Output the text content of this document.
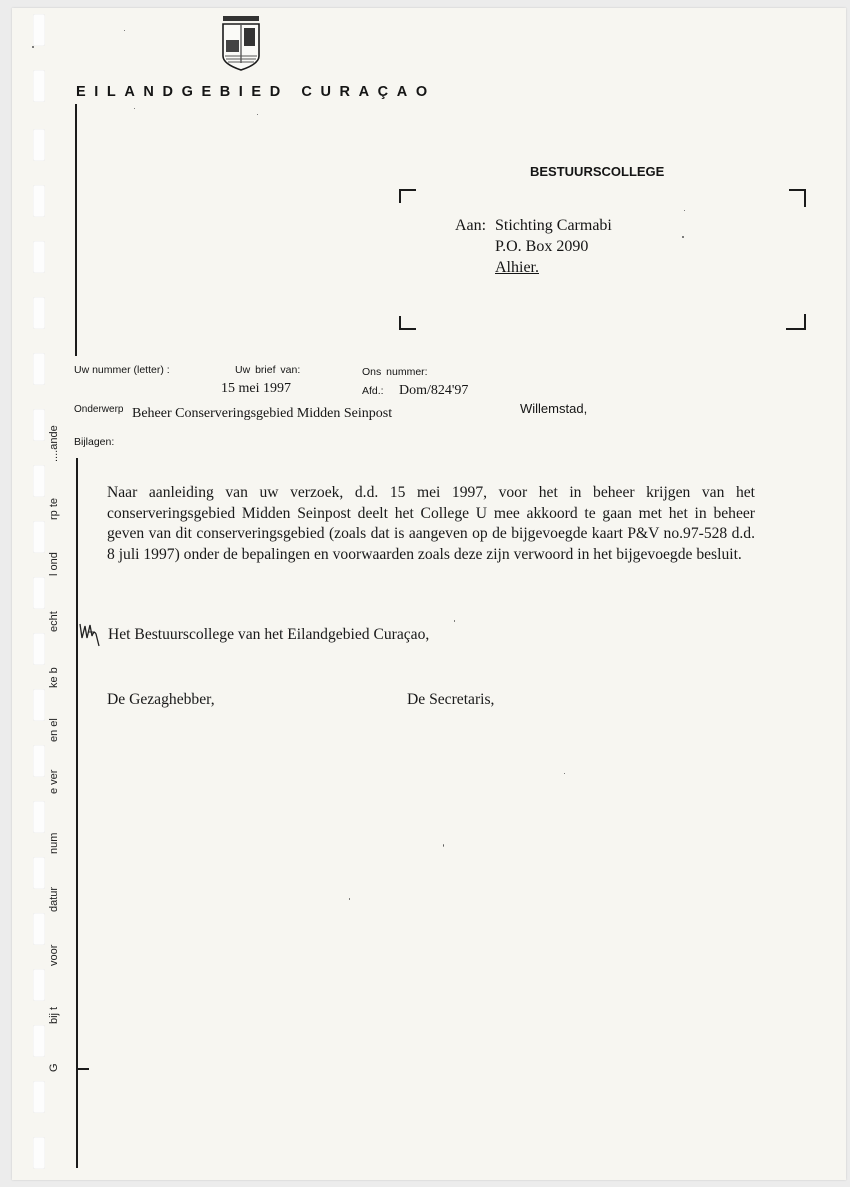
....ande
rp te
l ond
echt
ke b
en el
e ver
num
datur
voor
bij t
G
EILANDGEBIED CURAÇAO
BESTUURSCOLLEGE
Aan: Stichting Carmabi
P.O. Box 2090
Alhier.
Uw nummer (letter) :	Uw brief van:
15 mei 1997
Ons nummer:
Afd.: Dom/824'97
Onderwerp Beheer Conserveringsgebied Midden Seinpost	Willemstad,
Bijlagen:
Naar aanleiding van uw verzoek, d.d. 15 mei 1997, voor het in beheer krijgen van het conserveringsgebied Midden Seinpost deelt het College U mee akkoord te gaan met het in beheer geven van dit conserveringsgebied (zoals dat is aangeven op de bijgevoegde kaart P&V no.97-528 d.d. 8 juli 1997) onder de bepalingen en voorwaarden zoals deze zijn verwoord in het bijgevoegde besluit.
Het Bestuurscollege van het Eilandgebied Curaçao,
De Gezaghebber,	De Secretaris,
